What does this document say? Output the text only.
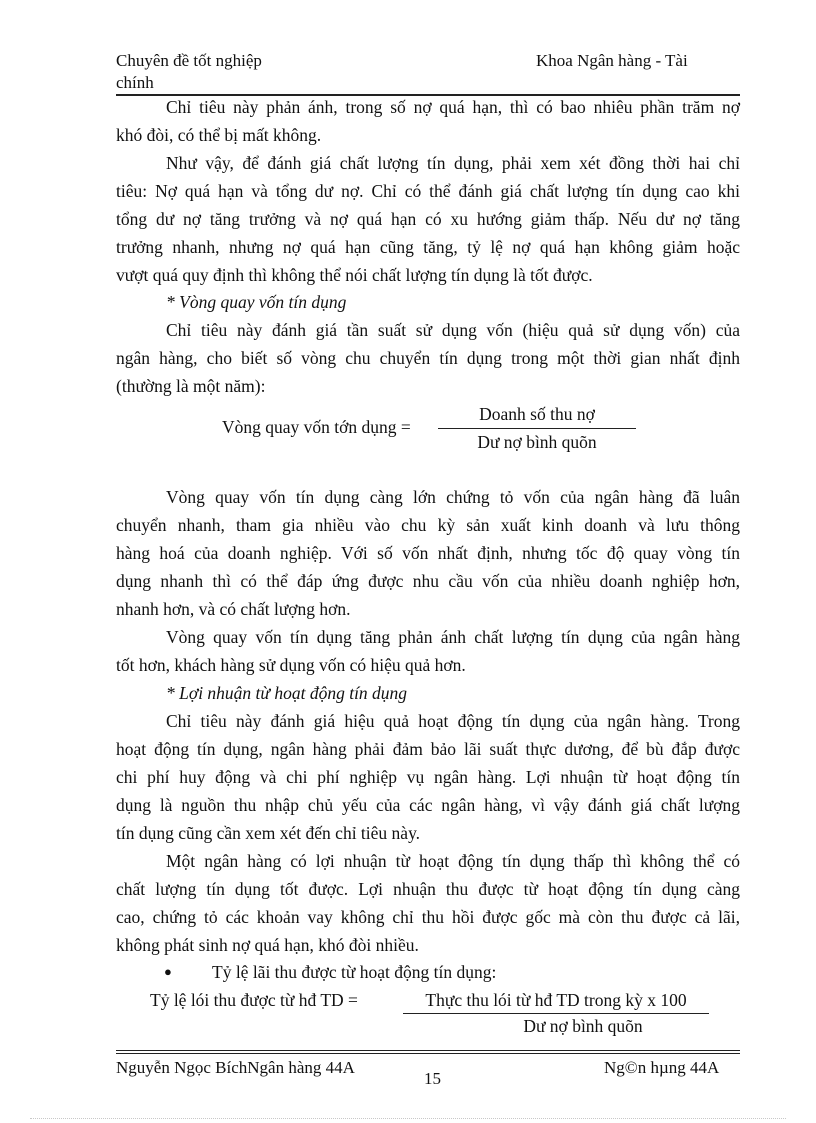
Chuyên đề tốt nghiệp
chính
Khoa Ngân hàng - Tài
Chỉ tiêu này phản ánh, trong số nợ quá hạn, thì có bao nhiêu phần trăm nợ
khó đòi, có thể bị mất không.
Như vậy, để đánh giá chất lượng tín dụng, phải xem xét đồng thời hai chỉ
tiêu: Nợ quá hạn và tổng dư nợ. Chỉ có thể đánh giá chất lượng tín dụng cao khi
tổng dư nợ tăng trưởng và nợ quá hạn có xu hướng giảm thấp. Nếu dư nợ tăng
trưởng nhanh, nhưng nợ quá hạn cũng tăng, tỷ lệ nợ quá hạn không giảm hoặc
vượt quá quy định thì không thể nói chất lượng tín dụng là tốt được.
* Vòng quay vốn tín dụng
Chỉ tiêu này đánh giá tần suất sử dụng vốn (hiệu quả sử dụng vốn) của
ngân hàng, cho biết số vòng chu chuyển tín dụng trong một thời gian nhất định
(thường là một năm):
Vòng quay vốn tớn dụng =
Doanh số thu nợ
Dư nợ bình quõn
Vòng quay vốn tín dụng càng lớn chứng tỏ vốn của ngân hàng đã luân
chuyển nhanh, tham gia nhiều vào chu kỳ sản xuất kinh doanh và lưu thông
hàng hoá của doanh nghiệp. Với số vốn nhất định, nhưng tốc độ quay vòng tín
dụng nhanh thì có thể đáp ứng được nhu cầu vốn của nhiều doanh nghiệp hơn,
nhanh hơn, và có chất lượng hơn.
Vòng quay vốn tín dụng tăng phản ánh chất lượng tín dụng của ngân hàng
tốt hơn, khách hàng sử dụng vốn có hiệu quả hơn.
* Lợi nhuận từ hoạt động tín dụng
Chỉ tiêu này đánh giá hiệu quả hoạt động tín dụng của ngân hàng. Trong
hoạt động tín dụng, ngân hàng phải đảm bảo lãi suất thực dương, để bù đắp được
chi phí huy động và chi phí nghiệp vụ ngân hàng. Lợi nhuận từ hoạt động tín
dụng là nguồn thu nhập chủ yếu của các ngân hàng, vì vậy đánh giá chất lượng
tín dụng cũng cần xem xét đến chỉ tiêu này.
Một ngân hàng có lợi nhuận từ hoạt động tín dụng thấp thì không thể có
chất lượng tín dụng tốt được. Lợi nhuận thu được từ hoạt động tín dụng càng
cao, chứng tỏ các khoản vay không chỉ thu hồi được gốc mà còn thu được cả lãi,
không phát sinh nợ quá hạn, khó đòi nhiều.
● Tỷ lệ lãi thu được từ hoạt động tín dụng:
Tỷ lệ lói thu được từ hđ TD =	Thực thu lói từ hđ TD trong kỳ x 100
Dư nợ bình quõn
Nguyễn Ngọc BíchNgân hàng 44A
15
Ng©n hµng 44A
